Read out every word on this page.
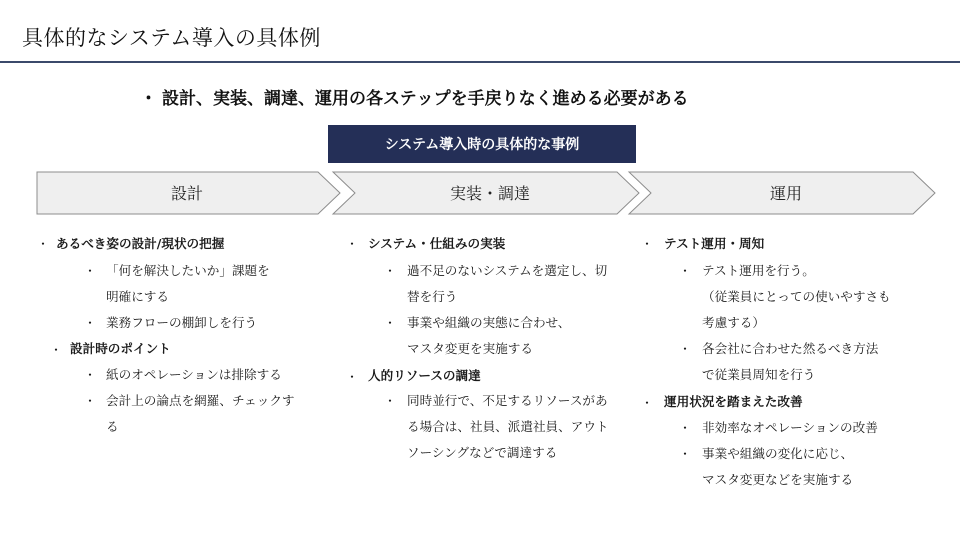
具体的なシステム導入の具体例
・ 設計、実装、調達、運用の各ステップを手戻りなく進める必要がある
システム導入時の具体的な事例
設計	実装・調達	運用
・ あるべき姿の設計/現状の把握
・ 「何を解決したいか」課題を
明確にする
・ 業務フローの棚卸しを行う
・ 設計時のポイント
・ 紙のオペレーションは排除する
・ 会計上の論点を網羅、チェックす
る
・ システム・仕組みの実装
・ 過不足のないシステムを選定し、切
替を行う
・ 事業や組織の実態に合わせ、
マスタ変更を実施する
・ 人的リソースの調達
・ 同時並行で、不足するリソースがあ
る場合は、社員、派遣社員、アウト
ソーシングなどで調達する
・ テスト運用・周知
・ テスト運用を行う。
（従業員にとっての使いやすさも
考慮する）
・ 各会社に合わせた然るべき方法
で従業員周知を行う
・ 運用状況を踏まえた改善
・ 非効率なオペレーションの改善
・ 事業や組織の変化に応じ、
マスタ変更などを実施する
